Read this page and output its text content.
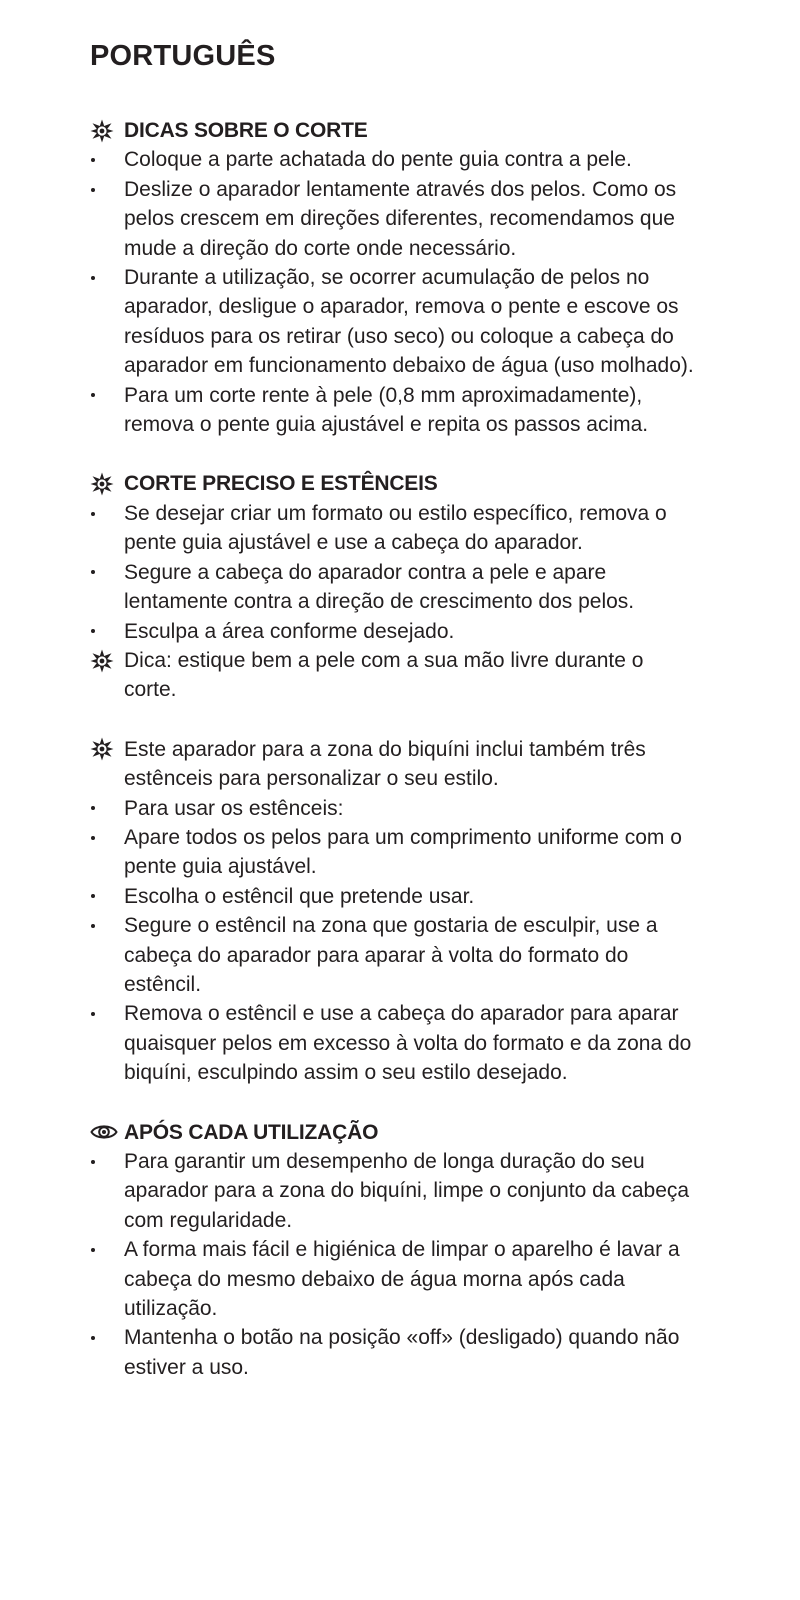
PORTUGUÊS
DICAS SOBRE O CORTE
Coloque a parte achatada do pente guia contra a pele.
Deslize o aparador lentamente através dos pelos. Como os pelos crescem em direções diferentes, recomendamos que mude a direção do corte onde necessário.
Durante a utilização, se ocorrer acumulação de pelos no aparador, desligue o aparador, remova o pente e escove os resíduos para os retirar (uso seco) ou coloque a cabeça do aparador em funcionamento debaixo de água (uso molhado).
Para um corte rente à pele (0,8 mm aproximadamente), remova o pente guia ajustável e repita os passos acima.
CORTE PRECISO E ESTÊNCEIS
Se desejar criar um formato ou estilo específico, remova o pente guia ajustável e use a cabeça do aparador.
Segure a cabeça do aparador contra a pele e apare lentamente contra a direção de crescimento dos pelos.
Esculpa a área conforme desejado.
Dica: estique bem a pele com a sua mão livre durante o corte.
Este aparador para a zona do biquíni inclui também três estênceis para personalizar o seu estilo.
Para usar os estênceis:
Apare todos os pelos para um comprimento uniforme com o pente guia ajustável.
Escolha o estêncil que pretende usar.
Segure o estêncil na zona que gostaria de esculpir, use a cabeça do aparador para aparar à volta do formato do estêncil.
Remova o estêncil e use a cabeça do aparador para aparar quaisquer pelos em excesso à volta do formato e da zona do biquíni, esculpindo assim o seu estilo desejado.
APÓS CADA UTILIZAÇÃO
Para garantir um desempenho de longa duração do seu aparador para a zona do biquíni, limpe o conjunto da cabeça com regularidade.
A forma mais fácil e higiénica de limpar o aparelho é lavar a cabeça do mesmo debaixo de água morna após cada utilização.
Mantenha o botão na posição «off» (desligado) quando não estiver a uso.
